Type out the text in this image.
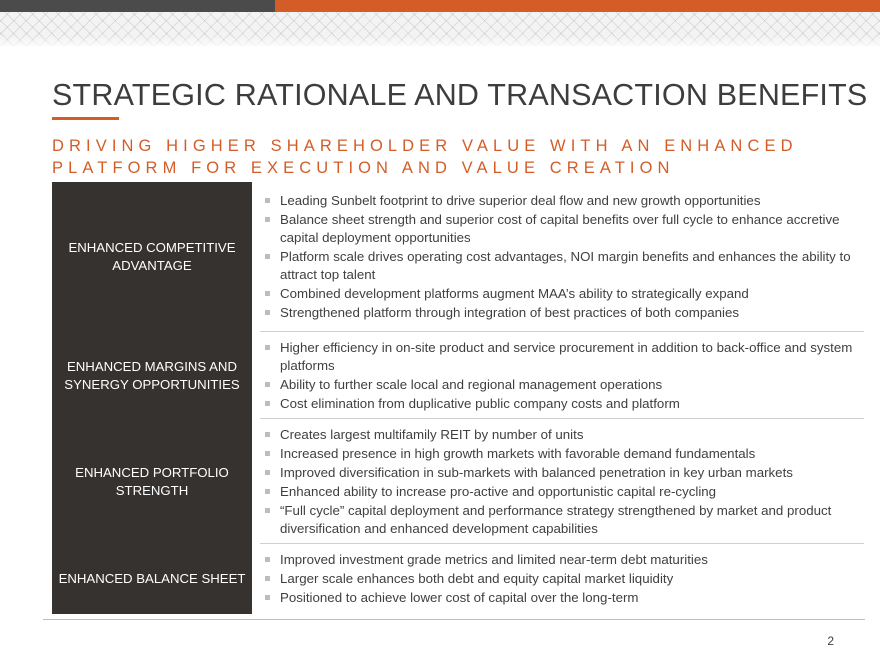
STRATEGIC RATIONALE AND TRANSACTION BENEFITS
DRIVING HIGHER SHAREHOLDER VALUE WITH AN ENHANCED
PLATFORM FOR EXECUTION AND VALUE CREATION
ENHANCED COMPETITIVE
ADVANTAGE
Leading Sunbelt footprint to drive superior deal flow and new growth opportunities
Balance sheet strength and superior cost of capital benefits over full cycle to enhance accretive capital deployment opportunities
Platform scale drives operating cost advantages, NOI margin benefits and enhances the ability to attract top talent
Combined development platforms augment MAA’s ability to strategically expand
Strengthened platform through integration of best practices of both companies
ENHANCED MARGINS AND
SYNERGY OPPORTUNITIES
Higher efficiency in on-site product and service procurement in addition to back-office and system platforms
Ability to further scale local and regional management operations
Cost elimination from duplicative public company costs and platform
ENHANCED PORTFOLIO
STRENGTH
Creates largest multifamily REIT by number of units
Increased presence in high growth markets with favorable demand fundamentals
Improved diversification in sub-markets with balanced penetration in key urban markets
Enhanced ability to increase pro-active and opportunistic capital re-cycling
“Full cycle” capital deployment and performance strategy strengthened by market and product diversification and enhanced development capabilities
ENHANCED BALANCE SHEET
Improved investment grade metrics and limited near-term debt maturities
Larger scale enhances both debt and equity capital market liquidity
Positioned to achieve lower cost of capital over the long-term
2
